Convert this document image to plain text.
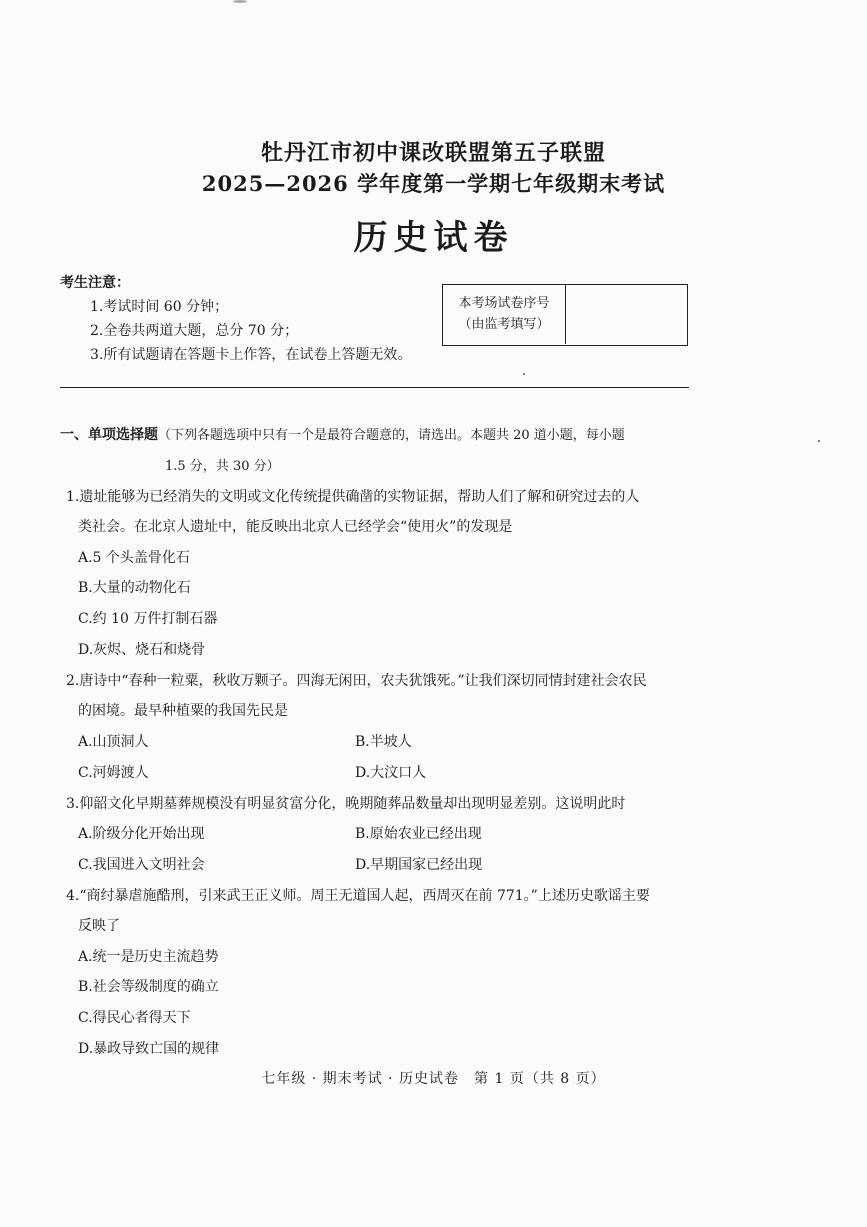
牡丹江市初中课改联盟第五子联盟
2025—2026 学年度第一学期七年级期末考试
历史试卷
考生注意：
1.考试时间 60 分钟；
2.全卷共两道大题，总分 70 分；
3.所有试题请在答题卡上作答，在试卷上答题无效。
本考场试卷序号
（由监考填写）
一、单项选择题（下列各题选项中只有一个是最符合题意的，请选出。本题共 20 道小题，每小题
1.5 分，共 30 分）
1.遗址能够为已经消失的文明或文化传统提供确凿的实物证据，帮助人们了解和研究过去的人
类社会。在北京人遗址中，能反映出北京人已经学会“使用火”的发现是
A.5 个头盖骨化石
B.大量的动物化石
C.约 10 万件打制石器
D.灰烬、烧石和烧骨
2.唐诗中“春种一粒粟，秋收万颗子。四海无闲田，农夫犹饿死。”让我们深切同情封建社会农民
的困境。最早种植粟的我国先民是
A.山顶洞人	B.半坡人
C.河姆渡人	D.大汶口人
3.仰韶文化早期墓葬规模没有明显贫富分化，晚期随葬品数量却出现明显差别。这说明此时
A.阶级分化开始出现	B.原始农业已经出现
C.我国进入文明社会	D.早期国家已经出现
4.“商纣暴虐施酷刑，引来武王正义师。周王无道国人起，西周灭在前 771。”上述历史歌谣主要
反映了
A.统一是历史主流趋势
B.社会等级制度的确立
C.得民心者得天下
D.暴政导致亡国的规律
七年级 · 期末考试 · 历史试卷　第 1 页（共 8 页）
